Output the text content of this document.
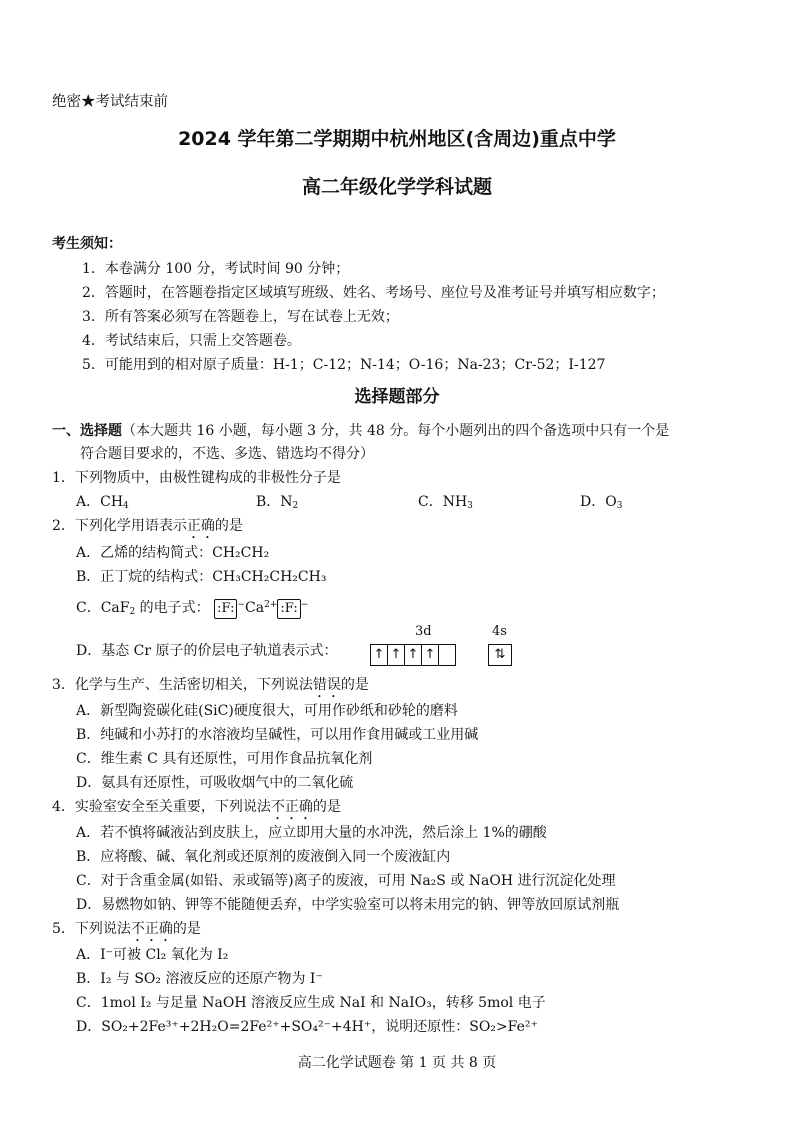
绝密★考试结束前
2024 学年第二学期期中杭州地区(含周边)重点中学
高二年级化学学科试题
考生须知：
1．本卷满分 100 分，考试时间 90 分钟；
2．答题时，在答题卷指定区域填写班级、姓名、考场号、座位号及准考证号并填写相应数字；
3．所有答案必须写在答题卷上，写在试卷上无效；
4．考试结束后，只需上交答题卷。
5．可能用到的相对原子质量：H-1；C-12；N-14；O-16；Na-23；Cr-52；I-127
选择题部分
一、选择题（本大题共 16 小题，每小题 3 分，共 48 分。每个小题列出的四个备选项中只有一个是
符合题目要求的，不选、多选、错选均不得分）
1．下列物质中，由极性键构成的非极性分子是
A．$CH_4$	B．$N_2$	C．$NH_3$	D．$O_3$
2．下列化学用语表示正确的是
A．乙烯的结构简式：CH₂CH₂
B．正丁烷的结构式：CH₃CH₂CH₂CH₃
C．CaF$_2$ 的电子式： :F: $^-Ca^{2+}$ :F: −
D．基态 Cr 原子的价层电子轨道表示式：
3d	4s
↑ ↑ ↑ ↑	⇅
3．化学与生产、生活密切相关，下列说法错误的是
A．新型陶瓷碳化硅(SiC)硬度很大，可用作砂纸和砂轮的磨料
B．纯碱和小苏打的水溶液均呈碱性，可以用作食用碱或工业用碱
C．维生素 C 具有还原性，可用作食品抗氧化剂
D．氨具有还原性，可吸收烟气中的二氧化硫
4．实验室安全至关重要，下列说法不正确的是
A．若不慎将碱液沾到皮肤上，应立即用大量的水冲洗，然后涂上 1%的硼酸
B．应将酸、碱、氧化剂或还原剂的废液倒入同一个废液缸内
C．对于含重金属(如铅、汞或镉等)离子的废液，可用 Na₂S 或 NaOH 进行沉淀化处理
D．易燃物如钠、钾等不能随便丢弃，中学实验室可以将未用完的钠、钾等放回原试剂瓶
5．下列说法不正确的是
A．I⁻可被 Cl₂ 氧化为 I₂
B．I₂ 与 SO₂ 溶液反应的还原产物为 I⁻
C．1mol I₂ 与足量 NaOH 溶液反应生成 NaI 和 NaIO₃，转移 5mol 电子
D．SO₂+2Fe³⁺+2H₂O=2Fe²⁺+SO₄²⁻+4H⁺，说明还原性：SO₂>Fe²⁺
高二化学试题卷 第 1 页 共 8 页
